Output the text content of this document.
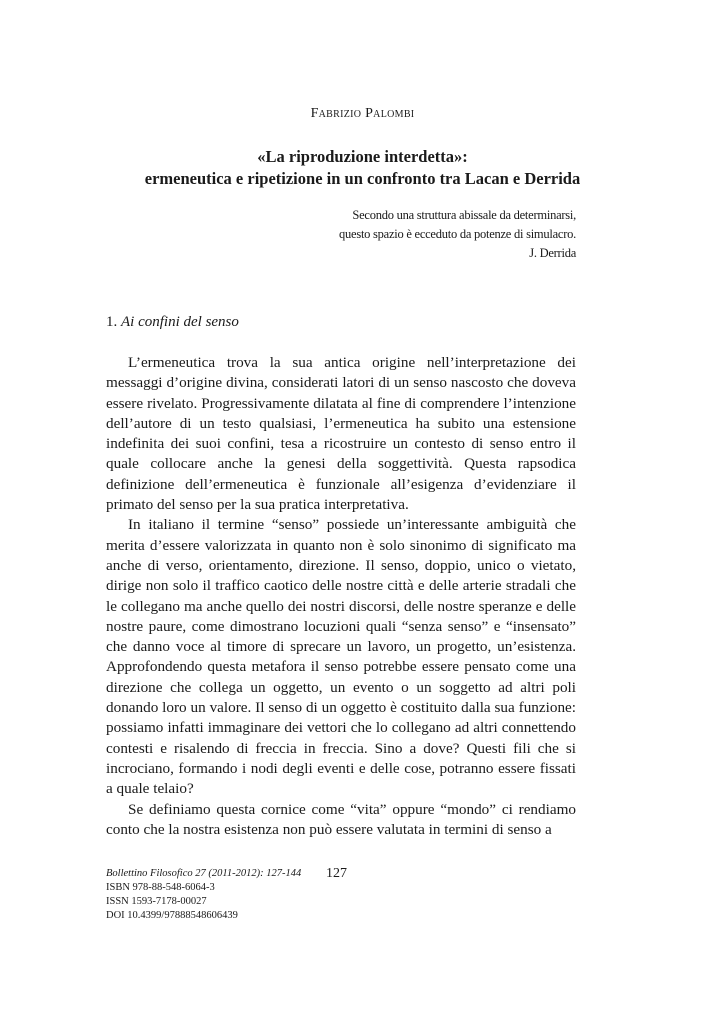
Fabrizio Palombi
«La riproduzione interdetta»:
ermeneutica e ripetizione in un confronto tra Lacan e Derrida
Secondo una struttura abissale da determinarsi,
questo spazio è ecceduto da potenze di simulacro.
J. Derrida
1. Ai confini del senso

L’ermeneutica trova la sua antica origine nell’interpretazione dei messaggi d’origine divina, considerati latori di un senso nascosto che doveva essere rivelato. Progressivamente dilatata al fine di comprendere l’intenzione dell’autore di un testo qualsiasi, l’ermeneutica ha subito una estensione indefinita dei suoi confini, tesa a ricostruire un contesto di senso entro il quale collocare anche la genesi della soggettività. Questa rapsodica definizione dell’ermeneutica è funzionale all’esigenza d’evidenziare il primato del senso per la sua pratica interpretativa.

In italiano il termine “senso” possiede un’interessante ambiguità che merita d’essere valorizzata in quanto non è solo sinonimo di significato ma anche di verso, orientamento, direzione. Il senso, doppio, unico o vietato, dirige non solo il traffico caotico delle nostre città e delle arterie stradali che le collegano ma anche quello dei nostri discorsi, delle nostre speranze e delle nostre paure, come dimostrano locuzioni quali “senza senso” e “insensato” che danno voce al timore di sprecare un lavoro, un progetto, un’esistenza. Approfondendo questa metafora il senso potrebbe essere pensato come una direzione che collega un oggetto, un evento o un soggetto ad altri poli donando loro un valore. Il senso di un oggetto è costituito dalla sua funzione: possiamo infatti immaginare dei vettori che lo collegano ad altri connettendo contesti e risalendo di freccia in freccia. Sino a dove? Questi fili che si incrociano, formando i nodi degli eventi e delle cose, potranno essere fissati a quale telaio?

Se definiamo questa cornice come “vita” oppure “mondo” ci rendiamo conto che la nostra esistenza non può essere valutata in termini di senso a

Bollettino Filosofico 27 (2011-2012): 127-144
ISBN 978-88-548-6064-3
ISSN 1593-7178-00027
DOI 10.4399/97888548606439
127
